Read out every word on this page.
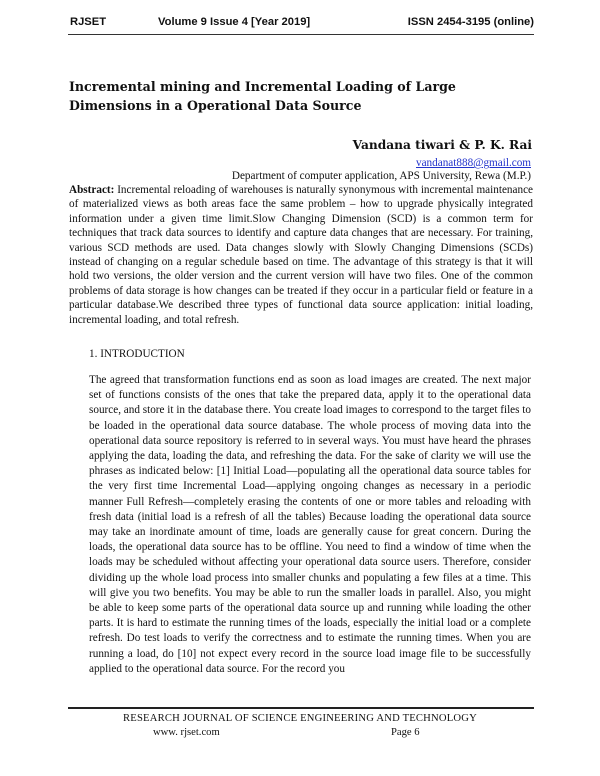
RJSET	Volume 9 Issue 4 [Year 2019]	ISSN 2454-3195 (online)
Incremental mining and Incremental Loading of Large Dimensions in a Operational Data Source
Vandana tiwari & P. K. Rai
vandanat888@gmail.com
Department of computer application, APS University, Rewa (M.P.)

Abstract: Incremental reloading of warehouses is naturally synonymous with incremental maintenance of materialized views as both areas face the same problem – how to upgrade physically integrated information under a given time limit.Slow Changing Dimension (SCD) is a common term for techniques that track data sources to identify and capture data changes that are necessary. For training, various SCD methods are used. Data changes slowly with Slowly Changing Dimensions (SCDs) instead of changing on a regular schedule based on time. The advantage of this strategy is that it will hold two versions, the older version and the current version will have two files. One of the common problems of data storage is how changes can be treated if they occur in a particular field or feature in a particular database.We described three types of functional data source application: initial loading, incremental loading, and total refresh.

1. INTRODUCTION

The agreed that transformation functions end as soon as load images are created. The next major set of functions consists of the ones that take the prepared data, apply it to the operational data source, and store it in the database there. You create load images to correspond to the target files to be loaded in the operational data source database. The whole process of moving data into the operational data source repository is referred to in several ways. You must have heard the phrases applying the data, loading the data, and refreshing the data. For the sake of clarity we will use the phrases as indicated below: [1] Initial Load—populating all the operational data source tables for the very first time Incremental Load—applying ongoing changes as necessary in a periodic manner Full Refresh—completely erasing the contents of one or more tables and reloading with fresh data (initial load is a refresh of all the tables) Because loading the operational data source may take an inordinate amount of time, loads are generally cause for great concern. During the loads, the operational data source has to be offline. You need to find a window of time when the loads may be scheduled without affecting your operational data source users. Therefore, consider dividing up the whole load process into smaller chunks and populating a few files at a time. This will give you two benefits. You may be able to run the smaller loads in parallel. Also, you might be able to keep some parts of the operational data source up and running while loading the other parts. It is hard to estimate the running times of the loads, especially the initial load or a complete refresh. Do test loads to verify the correctness and to estimate the running times. When you are running a load, do [10] not expect every record in the source load image file to be successfully applied to the operational data source. For the record you

RESEARCH JOURNAL OF SCIENCE ENGINEERING AND TECHNOLOGY
www. rjset.com	Page 6
